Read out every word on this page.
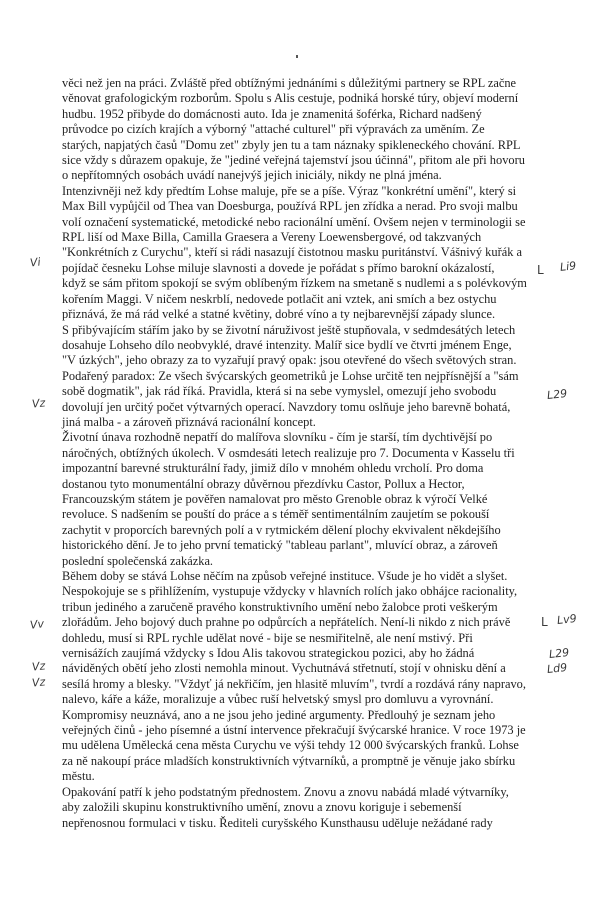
věci než jen na práci. Zvláště před obtížnými jednáními s důležitými partnery se RPL začne
věnovat grafologickým rozborům. Spolu s Alis cestuje, podniká horské túry, objeví moderní
hudbu. 1952 přibyde do domácnosti auto. Ida je znamenitá šoférka, Richard nadšený
průvodce po cizích krajích a výborný "attaché culturel" při výpravách za uměním. Ze
starých, napjatých časů "Domu zet" zbyly jen tu a tam náznaky spikleneckého chování. RPL
sice vždy s důrazem opakuje, že "jediné veřejná tajemství jsou účinná", přitom ale při hovoru
o nepřítomných osobách uvádí nanejvýš jejich iniciály, nikdy ne plná jména.

Intenzivněji než kdy předtím Lohse maluje, pře se a píše. Výraz "konkrétní umění", který si
Max Bill vypůjčil od Thea van Doesburga, používá RPL jen zřídka a nerad. Pro svoji malbu
volí označení systematické, metodické nebo racionální umění. Ovšem nejen v terminologii se
RPL liší od Maxe Billa, Camilla Graesera a Vereny Loewensbergové, od takzvaných
"Konkrétních z Curychu", kteří si rádi nasazují čistotnou masku puritánství. Vášnivý kuřák a
pojídač česneku Lohse miluje slavnosti a dovede je pořádat s přímo barokní okázalostí,
když se sám přitom spokojí se svým oblíbeným řízkem na smetaně s nudlemi a s polévkovým
kořením Maggi. V ničem neskrblí, nedovede potlačit ani vztek, ani smích a bez ostychu
přiznává, že má rád velké a statné květiny, dobré víno a ty nejbarevnější západy slunce.
S přibývajícím stářím jako by se životní náruživost ještě stupňovala, v sedmdesátých letech
dosahuje Lohseho dílo neobvyklé, dravé intenzity. Malíř sice bydlí ve čtvrti jménem Enge,
"V úzkých", jeho obrazy za to vyzařují pravý opak: jsou otevřené do všech světových stran.
Podařený paradox: Ze všech švýcarských geometriků je Lohse určitě ten nejpřísnější a "sám
sobě dogmatik", jak rád říká. Pravidla, která si na sebe vymyslel, omezují jeho svobodu
dovolují jen určitý počet výtvarných operací. Navzdory tomu oslňuje jeho barevně bohatá,
jiná malba - a zároveň přiznává racionální koncept.

Životní únava rozhodně nepatří do malířova slovníku - čím je starší, tím dychtivější po
náročných, obtížných úkolech. V osmdesáti letech realizuje pro 7. Documenta v Kasselu tři
impozantní barevné strukturální řady, jimiž dílo v mnohém ohledu vrcholí. Pro doma
dostanou tyto monumentální obrazy důvěrnou přezdívku Castor, Pollux a Hector,
Francouzským státem je pověřen namalovat pro město Grenoble obraz k výročí Velké
revoluce. S nadšením se pouští do práce a s téměř sentimentálním zaujetím se pokouší
zachytit v proporcích barevných polí a v rytmickém dělení plochy ekvivalent někdejšího
historického dění. Je to jeho první tematický "tableau parlant", mluvící obraz, a zároveň
poslední společenská zakázka.

Během doby se stává Lohse něčím na způsob veřejné instituce. Všude je ho vidět a slyšet.
Nespokojuje se s přihlížením, vystupuje vždycky v hlavních rolích jako obhájce racionality,
tribun jediného a zaručeně pravého konstruktivního umění nebo žalobce proti veškerým
zlořádům. Jeho bojový duch prahne po odpůrcích a nepřátelích. Není-li nikdo z nich právě
dohledu, musí si RPL rychle udělat nové - bije se nesmiřitelně, ale není mstivý. Při
vernisážích zaujímá vždycky s Idou Alis takovou strategickou pozici, aby ho žádná
náviděných obětí jeho zlosti nemohla minout. Vychutnává střetnutí, stojí v ohnisku dění a
sesílá hromy a blesky. "Vždyť já nekřičím, jen hlasitě mluvím", tvrdí a rozdává rány napravo,
nalevo, káře a káže, moralizuje a vůbec ruší helvetský smysl pro domluvu a vyrovnání.
Kompromisy neuznává, ano a ne jsou jeho jediné argumenty. Předlouhý je seznam jeho
veřejných činů - jeho písemné a ústní intervence překračují švýcarské hranice. V roce 1973 je
mu udělena Umělecká cena města Curychu ve výši tehdy 12 000 švýcarských franků. Lohse
za ně nakoupí práce mladších konstruktivních výtvarníků, a promptně je věnuje jako sbírku
městu.

Opakování patří k jeho podstatným přednostem. Znovu a znovu nabádá mladé výtvarníky,
aby založili skupinu konstruktivního umění, znovu a znovu koriguje i sebemenší
nepřenosnou formulaci v tisku. Řediteli curyšského Kunsthausu uděluje nežádané rady

Vi	Li9
L
Vz
L29
Vv	Lv9
L
L29
Vz	Ld9
Vz
